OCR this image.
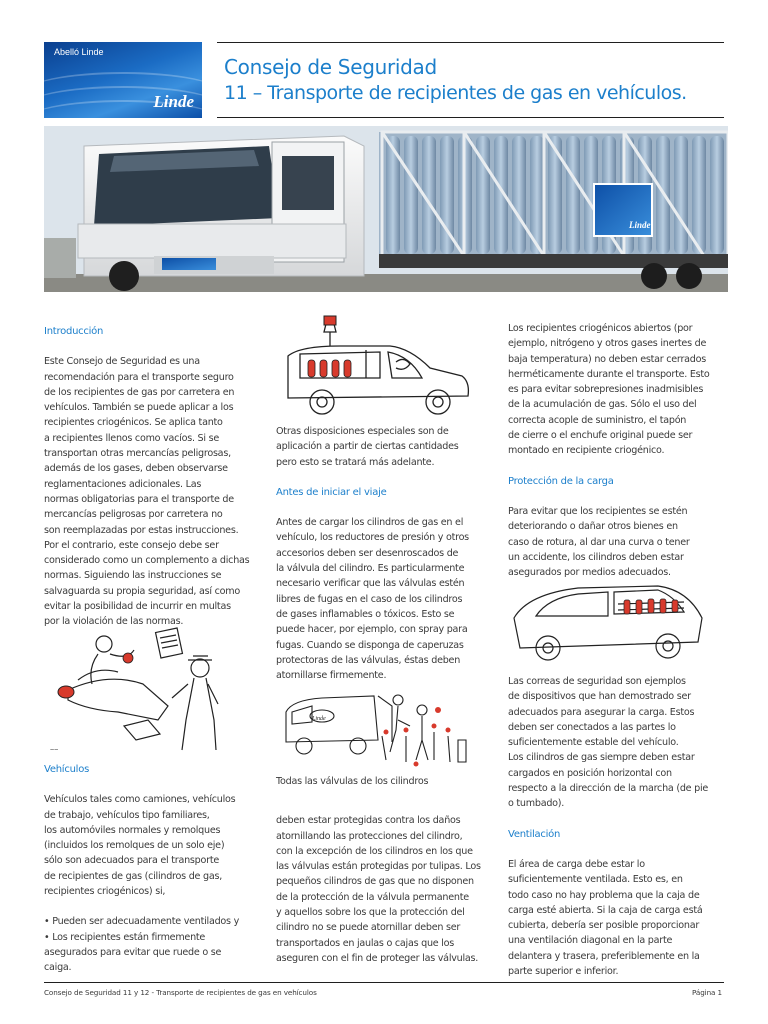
Abelló Linde
Linde
Consejo de Seguridad
11 – Transporte de recipientes de gas en vehículos.
Linde

Introducción

Este Consejo de Seguridad es una

recomendación para el transporte seguro

de los recipientes de gas por carretera en

vehículos. También se puede aplicar a los

recipientes criogénicos. Se aplica tanto

a recipientes llenos como vacíos. Si se

transportan otras mercancías peligrosas,

además de los gases, deben observarse

reglamentaciones adicionales. Las

normas obligatorias para el transporte de

mercancías peligrosas por carretera no

son reemplazadas por estas instrucciones.

Por el contrario, este consejo debe ser

considerado como un complemento a dichas

normas. Siguiendo las instrucciones se

salvaguarda su propia seguridad, así como

evitar la posibilidad de incurrir en multas

por la violación de las normas.

~~

Vehículos

Vehículos tales como camiones, vehículos

de trabajo, vehículos tipo familiares,

los automóviles normales y remolques

(incluidos los remolques de un solo eje)

sólo son adecuados para el transporte

de recipientes de gas (cilindros de gas,

recipientes criogénicos) si,

• Pueden ser adecuadamente ventilados y

• Los recipientes están firmemente

asegurados para evitar que ruede o se

caiga.

Otras disposiciones especiales son de

aplicación a partir de ciertas cantidades

pero esto se tratará más adelante.

Antes de iniciar el viaje

Antes de cargar los cilindros de gas en el

vehículo, los reductores de presión y otros

accesorios deben ser desenroscados de

la válvula del cilindro. Es particularmente

necesario verificar que las válvulas estén

libres de fugas en el caso de los cilindros

de gases inflamables o tóxicos. Esto se

puede hacer, por ejemplo, con spray para

fugas. Cuando se disponga de caperuzas

protectoras de las válvulas, éstas deben

atornillarse firmemente.

Linde

Todas las válvulas de los cilindros

deben estar protegidas contra los daños

atornillando las protecciones del cilindro,

con la excepción de los cilindros en los que

las válvulas están protegidas por tulipas. Los

pequeños cilindros de gas que no disponen

de la protección de la válvula permanente

y aquellos sobre los que la protección del

cilindro no se puede atornillar deben ser

transportados en jaulas o cajas que los

aseguren con el fin de proteger las válvulas.

Los recipientes criogénicos abiertos (por

ejemplo, nitrógeno y otros gases inertes de

baja temperatura) no deben estar cerrados

herméticamente durante el transporte. Esto

es para evitar sobrepresiones inadmisibles

de la acumulación de gas. Sólo el uso del

correcta acople de suministro, el tapón

de cierre o el enchufe original puede ser

montado en recipiente criogénico.

Protección de la carga

Para evitar que los recipientes se estén

deteriorando o dañar otros bienes en

caso de rotura, al dar una curva o tener

un accidente, los cilindros deben estar

asegurados por medios adecuados.

Las correas de seguridad son ejemplos

de dispositivos que han demostrado ser

adecuados para asegurar la carga. Estos

deben ser conectados a las partes lo

suficientemente estable del vehículo.

Los cilindros de gas siempre deben estar

cargados en posición horizontal con

respecto a la dirección de la marcha (de pie

o tumbado).

Ventilación

El área de carga debe estar lo

suficientemente ventilada. Esto es, en

todo caso no hay problema que la caja de

carga esté abierta. Si la caja de carga está

cubierta, debería ser posible proporcionar

una ventilación diagonal en la parte

delantera y trasera, preferiblemente en la

parte superior e inferior.

Consejo de Seguridad 11 y 12 - Transporte de recipientes de gas en vehículos	Página 1
